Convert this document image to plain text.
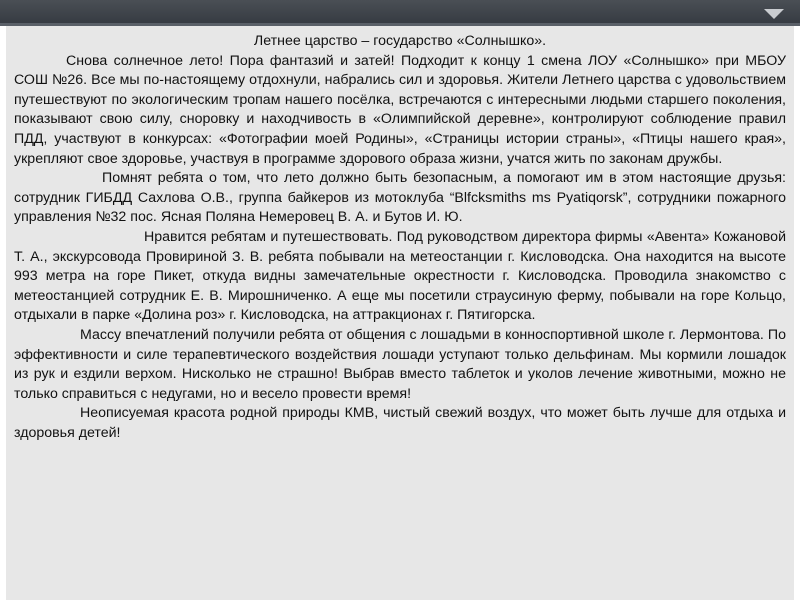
Летнее царство – государство «Солнышко».

Снова солнечное лето! Пора фантазий и затей! Подходит к концу 1 смена ЛОУ «Солнышко» при МБОУ СОШ №26. Все мы по-настоящему отдохнули, набрались сил и здоровья. Жители Летнего царства с удовольствием путешествуют по экологическим тропам нашего посёлка, встречаются с интересными людьми старшего поколения, показывают свою силу, сноровку и находчивость в «Олимпийской деревне», контролируют соблюдение правил ПДД, участвуют в конкурсах: «Фотографии моей Родины», «Страницы истории страны», «Птицы нашего края», укрепляют свое здоровье, участвуя в программе здорового образа жизни, учатся жить по законам дружбы.

Помнят ребята о том, что лето должно быть безопасным, а помогают им в этом настоящие друзья: сотрудник ГИБДД Сахлова О.В., группа байкеров из мотоклуба “Blfcksmiths ms Pyatiqorsk”, сотрудники пожарного управления №32 пос. Ясная Поляна Немеровец В. А. и Бутов И. Ю.

Нравится ребятам и путешествовать. Под руководством директора фирмы «Авента» Кожановой Т. А., экскурсовода Провириной З. В. ребята побывали на метеостанции г. Кисловодска. Она находится на высоте 993 метра на горе Пикет, откуда видны замечательные окрестности г. Кисловодска. Проводила знакомство с метеостанцией сотрудник Е. В. Мирошниченко. А еще мы посетили страусиную ферму, побывали на горе Кольцо, отдыхали в парке «Долина роз» г. Кисловодска, на аттракционах г. Пятигорска.

Массу впечатлений получили ребята от общения с лошадьми в конноспортивной школе г. Лермонтова. По эффективности и силе терапевтического воздействия лошади уступают только дельфинам. Мы кормили лошадок из рук и ездили верхом. Нисколько не страшно! Выбрав вместо таблеток и уколов лечение животными, можно не только справиться с недугами, но и весело провести время!

Неописуемая красота родной природы КМВ, чистый свежий воздух, что может быть лучше для отдыха и здоровья детей!
